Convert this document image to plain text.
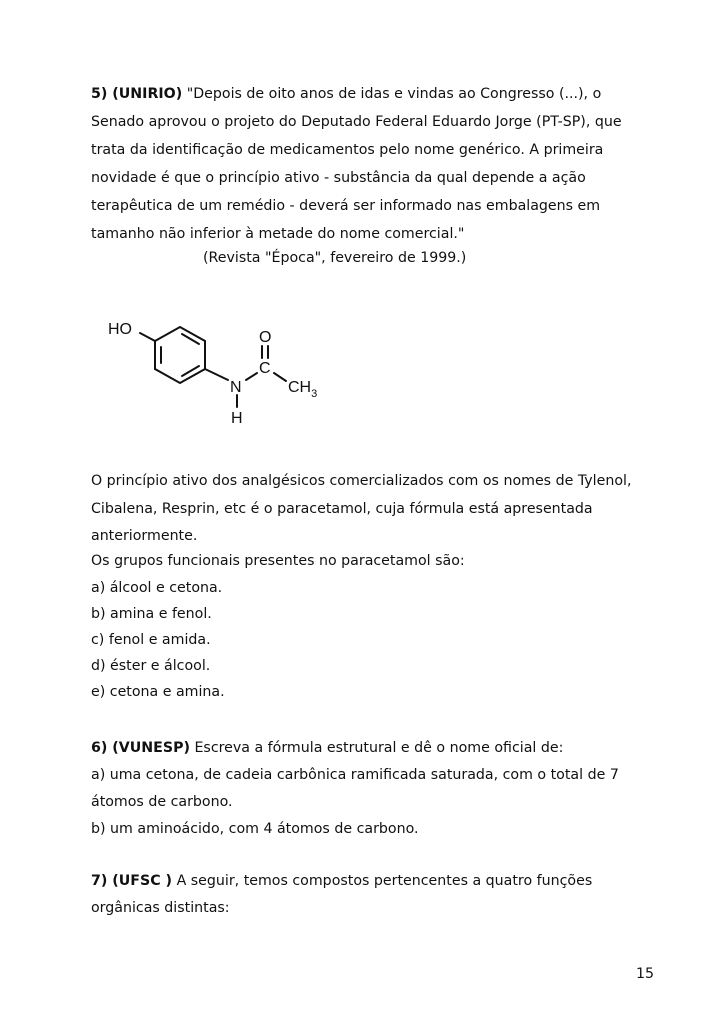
5) (UNIRIO) "Depois de oito anos de idas e vindas ao Congresso (...), o
Senado aprovou o projeto do Deputado Federal Eduardo Jorge (PT-SP), que
trata da identificação de medicamentos pelo nome genérico. A primeira
novidade é que o princípio ativo - substância da qual depende a ação
terapêutica de um remédio - deverá ser informado nas embalagens em
tamanho não inferior à metade do nome comercial."
(Revista "Época", fevereiro de 1999.)
HO	O
N
C
$CH_3$
H
O princípio ativo dos analgésicos comercializados com os nomes de Tylenol,
Cibalena, Resprin, etc é o paracetamol, cuja fórmula está apresentada
anteriormente.
Os grupos funcionais presentes no paracetamol são:
a) álcool e cetona.
b) amina e fenol.
c) fenol e amida.
d) éster e álcool.
e) cetona e amina.
6) (VUNESP) Escreva a fórmula estrutural e dê o nome oficial de:
a) uma cetona, de cadeia carbônica ramificada saturada, com o total de 7
átomos de carbono.
b) um aminoácido, com 4 átomos de carbono.
7) (UFSC ) A seguir, temos compostos pertencentes a quatro funções
orgânicas distintas:
15
